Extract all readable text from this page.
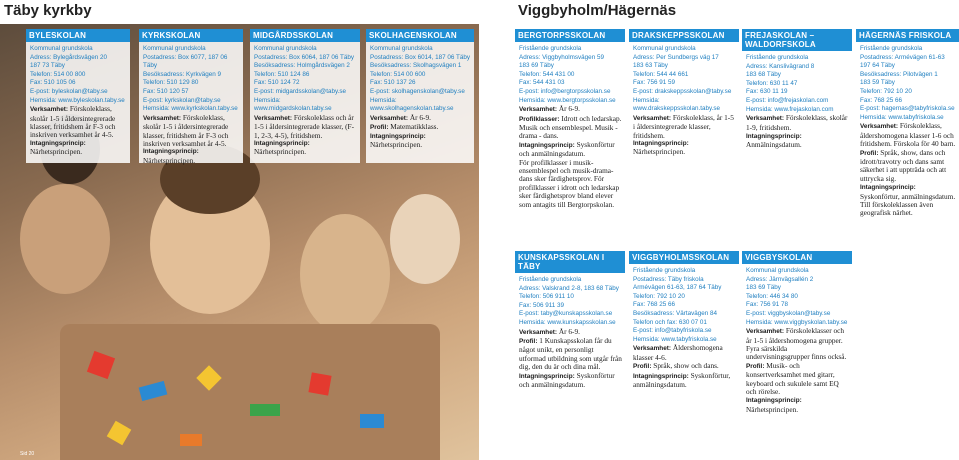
Täby kyrkby
BYLESKOLAN
Kommunal grundskola
Adress: Bylegårdsvägen 20
187 73 Täby
Telefon: 514 00 800
Fax: 510 105 06
E-post: byleskolan@taby.se
Hemsida: www.byleskolan.taby.se
Verksamhet: Förskoleklass, skolår 1-5 i åldersintegrerade klasser, fritidshem år F-3 och inskriven verksamhet år 4-5.
Intagningsprincip:
Närhetsprincipen.
KYRKSKOLAN
Kommunal grundskola
Postadress: Box 6077, 187 06 Täby
Besöksadress: Kyrkvägen 9
Telefon: 510 129 80
Fax: 510 120 57
E-post: kyrkskolan@taby.se
Hemsida: www.kyrkskolan.taby.se
Verksamhet: Förskoleklass, skolår 1-5 i åldersintegrerade klasser, fritidshem år F-3 och inskriven verksamhet år 4-5.
Intagningsprincip:
Närhetsprincipen.
MIDGÅRDSSKOLAN
Kommunal grundskola
Postadress: Box 6064, 187 06 Täby
Besöksadress: Holmgårdsvägen 2
Telefon: 510 124 86
Fax: 510 124 72
E-post: midgardsskolan@taby.se
Hemsida:
www.midgardskolan.taby.se
Verksamhet: Förskoleklass och år 1-5 i åldersintegrerade klasser, (F-1, 2-3, 4-5), fritidshem.
Intagningsprincip:
Närhetsprincipen.
SKOLHAGENSKOLAN
Kommunal grundskola
Postadress: Box 6014, 187 06 Täby
Besöksadress: Skolhagsvägen 1
Telefon: 514 00 600
Fax: 510 137 26
E-post: skolhagenskolan@taby.se
Hemsida:
www.skolhagenskolan.taby.se
Verksamhet: År 6-9.
Profil: Matematikklass.
Intagningsprincip:
Närhetsprincipen.
Sid 20
Viggbyholm/Hägernäs
BERGTORPSSKOLAN
Fristående grundskola
Adress: Viggbyholmsvägen 59
183 69 Täby
Telefon: 544 431 00
Fax: 544 431 03
E-post: info@bergtorpsskolan.se
Hemsida: www.bergtorpsskolan.se
Verksamhet: År 6-9.
Profilklasser: Idrott och ledarskap. Musik och ensemblespel. Musik - drama - dans.
Intagningsprincip: Syskonförtur och anmälningsdatum.
För profilklasser i musik- ensemblespel och musik-drama-dans sker färdighetsprov. För profilklasser i idrott och ledarskap sker färdighetsprov bland elever som antagits till Bergtorpskolan.
DRAKSKEPPSSKOLAN
Kommunal grundskola
Adress: Per Sundbergs väg 17
183 63 Täby
Telefon: 544 44 661
Fax: 756 91 59
E-post: drakskeppsskolan@taby.se
Hemsida:
www.drakskeppsskolan.taby.se
Verksamhet: Förskoleklass, år 1-5 i åldersintegrerade klasser, fritidshem.
Intagningsprincip:
Närhetsprincipen.
FREJASKOLAN – WALDORFSKOLA
Fristående grundskola
Adress: Kanslivägrand 8
183 68 Täby
Telefon: 630 11 47
Fax: 630 11 19
E-post: info@frejaskolan.com
Hemsida: www.frejaskolan.com
Verksamhet: Förskoleklass, skolår 1-9, fritidshem.
Intagningsprincip: Anmälningsdatum.
HÄGERNÄS FRISKOLA
Fristående grundskola
Postadress: Armévägen 61-63
197 64 Täby
Besöksadress: Pilotvägen 1
183 59 Täby
Telefon: 792 10 20
Fax: 768 25 66
E-post: hagernas@tabyfriskola.se
Hemsida: www.tabyfriskola.se
Verksamhet: Förskoleklass, åldershomogena klasser 1-6 och fritidshem. Förskola för 40 barn.
Profil: Språk, show, dans och idrott/travotry och dans samt säkerhet i att uppträda och att uttrycka sig.
Intagningsprincip: Syskonförtur, anmälningsdatum. Till förskoleklassen även geografisk närhet.
KUNSKAPSSKOLAN I TÄBY
Fristående grundskola
Adress: Valskrand 2-8, 183 68 Täby
Telefon: 506 911 10
Fax: 506 911 39
E-post: taby@kunskapsskolan.se
Hemsida: www.kunskapsskolan.se
Verksamhet: År 6-9.
Profil: 1 Kunskapsskolan får du något unikt, en personligt utformad utbildning som utgår från dig, den du är och dina mål.
Intagningsprincip: Syskonförtur och anmälningsdatum.
VIGGBYHOLMSSKOLAN
Fristående grundskola
Postadress: Täby friskola
Armévägen 61-63, 187 64 Täby
Telefon: 792 10 20
Fax: 768 25 66
Besöksadress: Värtavägen 84
Telefon och fax: 630 07 01
E-post: info@tabyfriskola.se
Hemsida: www.tabyfriskola.se
Verksamhet: Åldershomogena klasser 4-6.
Profil: Språk, show och dans.
Intagningsprincip: Syskonförtur, anmälningsdatum.
VIGGBYSKOLAN
Kommunal grundskola
Adress: Järnvägsallén 2
183 69 Täby
Telefon: 446 34 80
Fax: 756 91 78
E-post: viggbyskolan@taby.se
Hemsida: www.viggbyskolan.taby.se
Verksamhet: Förskoleklasser och år 1-5 i åldershomogena grupper. Fyra särskilda undervisningsgrupper finns också.
Profil: Musik- och konsertverksamhet med gitarr, keyboard och sukulele samt EQ och rörelse.
Intagningsprincip: Närhetsprincipen.
